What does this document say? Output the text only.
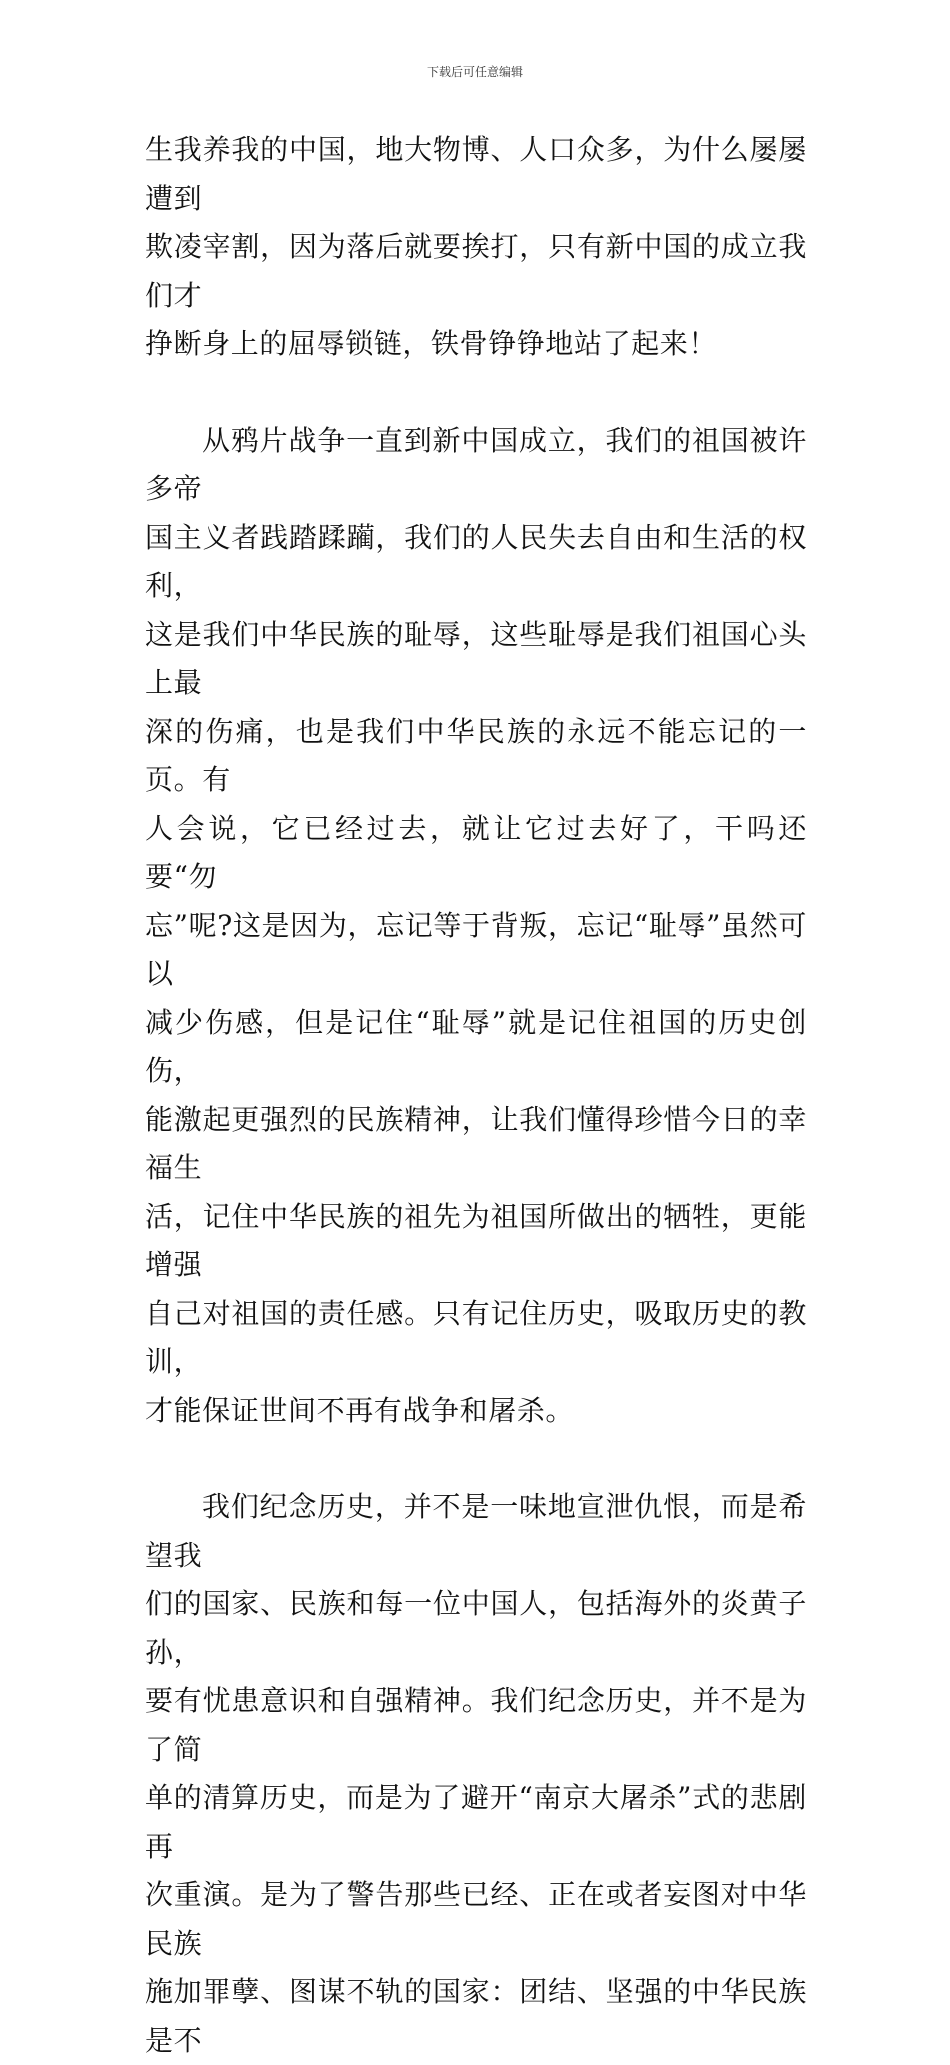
下载后可任意编辑

生我养我的中国，地大物博、人口众多，为什么屡屡遭到
欺凌宰割，因为落后就要挨打，只有新中国的成立我们才
挣断身上的屈辱锁链，铁骨铮铮地站了起来！

从鸦片战争一直到新中国成立，我们的祖国被许多帝
国主义者践踏蹂躏，我们的人民失去自由和生活的权利，
这是我们中华民族的耻辱，这些耻辱是我们祖国心头上最
深的伤痛，也是我们中华民族的永远不能忘记的一页。有
人会说，它已经过去，就让它过去好了，干吗还要“勿
忘”呢?这是因为，忘记等于背叛，忘记“耻辱”虽然可以
减少伤感，但是记住“耻辱”就是记住祖国的历史创伤，
能激起更强烈的民族精神，让我们懂得珍惜今日的幸福生
活，记住中华民族的祖先为祖国所做出的牺牲，更能增强
自己对祖国的责任感。只有记住历史，吸取历史的教训，
才能保证世间不再有战争和屠杀。

我们纪念历史，并不是一味地宣泄仇恨，而是希望我
们的国家、民族和每一位中国人，包括海外的炎黄子孙，
要有忧患意识和自强精神。我们纪念历史，并不是为了简
单的清算历史，而是为了避开“南京大屠杀”式的悲剧再
次重演。是为了警告那些已经、正在或者妄图对中华民族
施加罪孽、图谋不轨的国家：团结、坚强的中华民族是不
